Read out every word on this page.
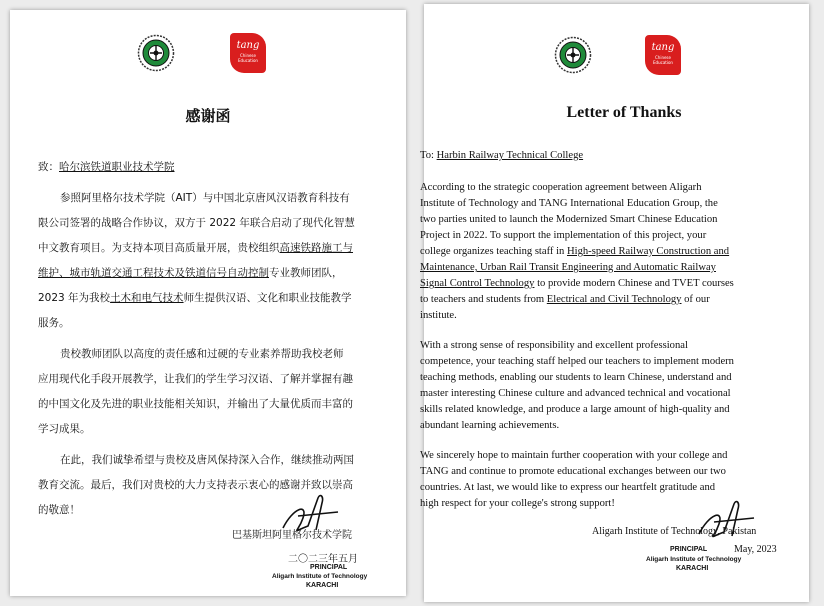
tang
Chinese Education
感谢函
致：哈尔滨铁道职业技术学院
参照阿里格尔技术学院（AIT）与中国北京唐风汉语教育科技有
限公司签署的战略合作协议，双方于 2022 年联合启动了现代化智慧
中文教育项目。为支持本项目高质量开展，贵校组织高速铁路施工与
维护、城市轨道交通工程技术及铁道信号自动控制专业教师团队，
2023 年为我校土木和电气技术师生提供汉语、文化和职业技能教学
服务。
贵校教师团队以高度的责任感和过硬的专业素养帮助我校老师
应用现代化手段开展教学，让我们的学生学习汉语、了解并掌握有趣
的中国文化及先进的职业技能相关知识，并输出了大量优质而丰富的
学习成果。
在此，我们诚挚希望与贵校及唐风保持深入合作，继续推动两国
教育交流。最后，我们对贵校的大力支持表示衷心的感谢并致以崇高
的敬意！
巴基斯坦阿里格尔技术学院
二〇二三年五月
PRINCIPAL
Aligarh Institute of Technology
KARACHI
tang
Chinese Education
Letter of Thanks
To: Harbin Railway Technical College
According to the strategic cooperation agreement between Aligarh
Institute of Technology and TANG International Education Group, the
two parties united to launch the Modernized Smart Chinese Education
Project in 2022. To support the implementation of this project, your
college organizes teaching staff in High-speed Railway Construction and
Maintenance, Urban Rail Transit Engineering and Automatic Railway
Signal Control Technology to provide modern Chinese and TVET courses
to teachers and students from Electrical and Civil Technology of our
institute.
With a strong sense of responsibility and excellent professional
competence, your teaching staff helped our teachers to implement modern
teaching methods, enabling our students to learn Chinese, understand and
master interesting Chinese culture and advanced technical and vocational
skills related knowledge, and produce a large amount of high-quality and
abundant learning achievements.
We sincerely hope to maintain further cooperation with your college and
TANG and continue to promote educational exchanges between our two
countries. At last, we would like to express our heartfelt gratitude and
high respect for your college's strong support!
Aligarh Institute of Technology, Pakistan
PRINCIPAL	May, 2023
Aligarh Institute of Technology
KARACHI
